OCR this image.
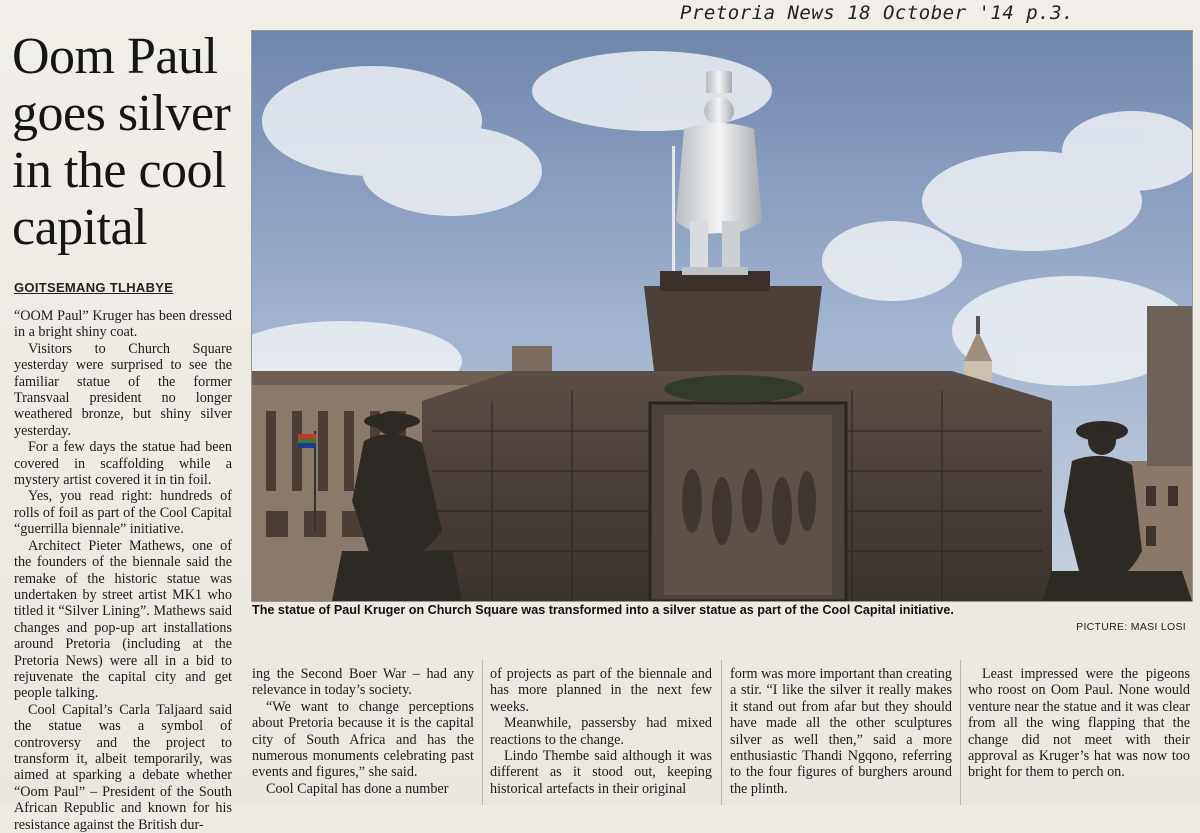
Pretoria News 18 October '14 p.3.
Oom Paul goes silver in the cool capital
GOITSEMANG TLHABYE

“OOM Paul” Kruger has been dressed in a bright shiny coat.

Visitors to Church Square yesterday were surprised to see the familiar statue of the former Transvaal president no longer weathered bronze, but shiny silver yesterday.

For a few days the statue had been covered in scaffolding while a mystery artist covered it in tin foil.

Yes, you read right: hundreds of rolls of foil as part of the Cool Capital “guerrilla biennale” initiative.

Architect Pieter Mathews, one of the founders of the biennale said the remake of the historic statue was undertaken by street artist MK1 who titled it “Silver Lining”. Mathews said changes and pop-up art installations around Pretoria (including at the Pretoria News) were all in a bid to rejuvenate the capital city and get people talking.

Cool Capital’s Carla Taljaard said the statue was a symbol of controversy and the project to transform it, albeit temporarily, was aimed at sparking a debate whether “Oom Paul” – President of the South African Republic and known for his resistance against the British dur-

The statue of Paul Kruger on Church Square was transformed into a silver statue as part of the Cool Capital initiative.
PICTURE: MASI LOSI

ing the Second Boer War – had any relevance in today’s society.

“We want to change perceptions about Pretoria because it is the capital city of South Africa and has the numerous monuments celebrating past events and figures,” she said.

Cool Capital has done a number

of projects as part of the biennale and has more planned in the next few weeks.

Meanwhile, passersby had mixed reactions to the change.

Lindo Thembe said although it was different as it stood out, keeping historical artefacts in their original

form was more important than creating a stir. “I like the silver it really makes it stand out from afar but they should have made all the other sculptures silver as well then,” said a more enthusiastic Thandi Ngqono, referring to the four figures of burghers around the plinth.

Least impressed were the pigeons who roost on Oom Paul. None would venture near the statue and it was clear from all the wing flapping that the change did not meet with their approval as Kruger’s hat was now too bright for them to perch on.
